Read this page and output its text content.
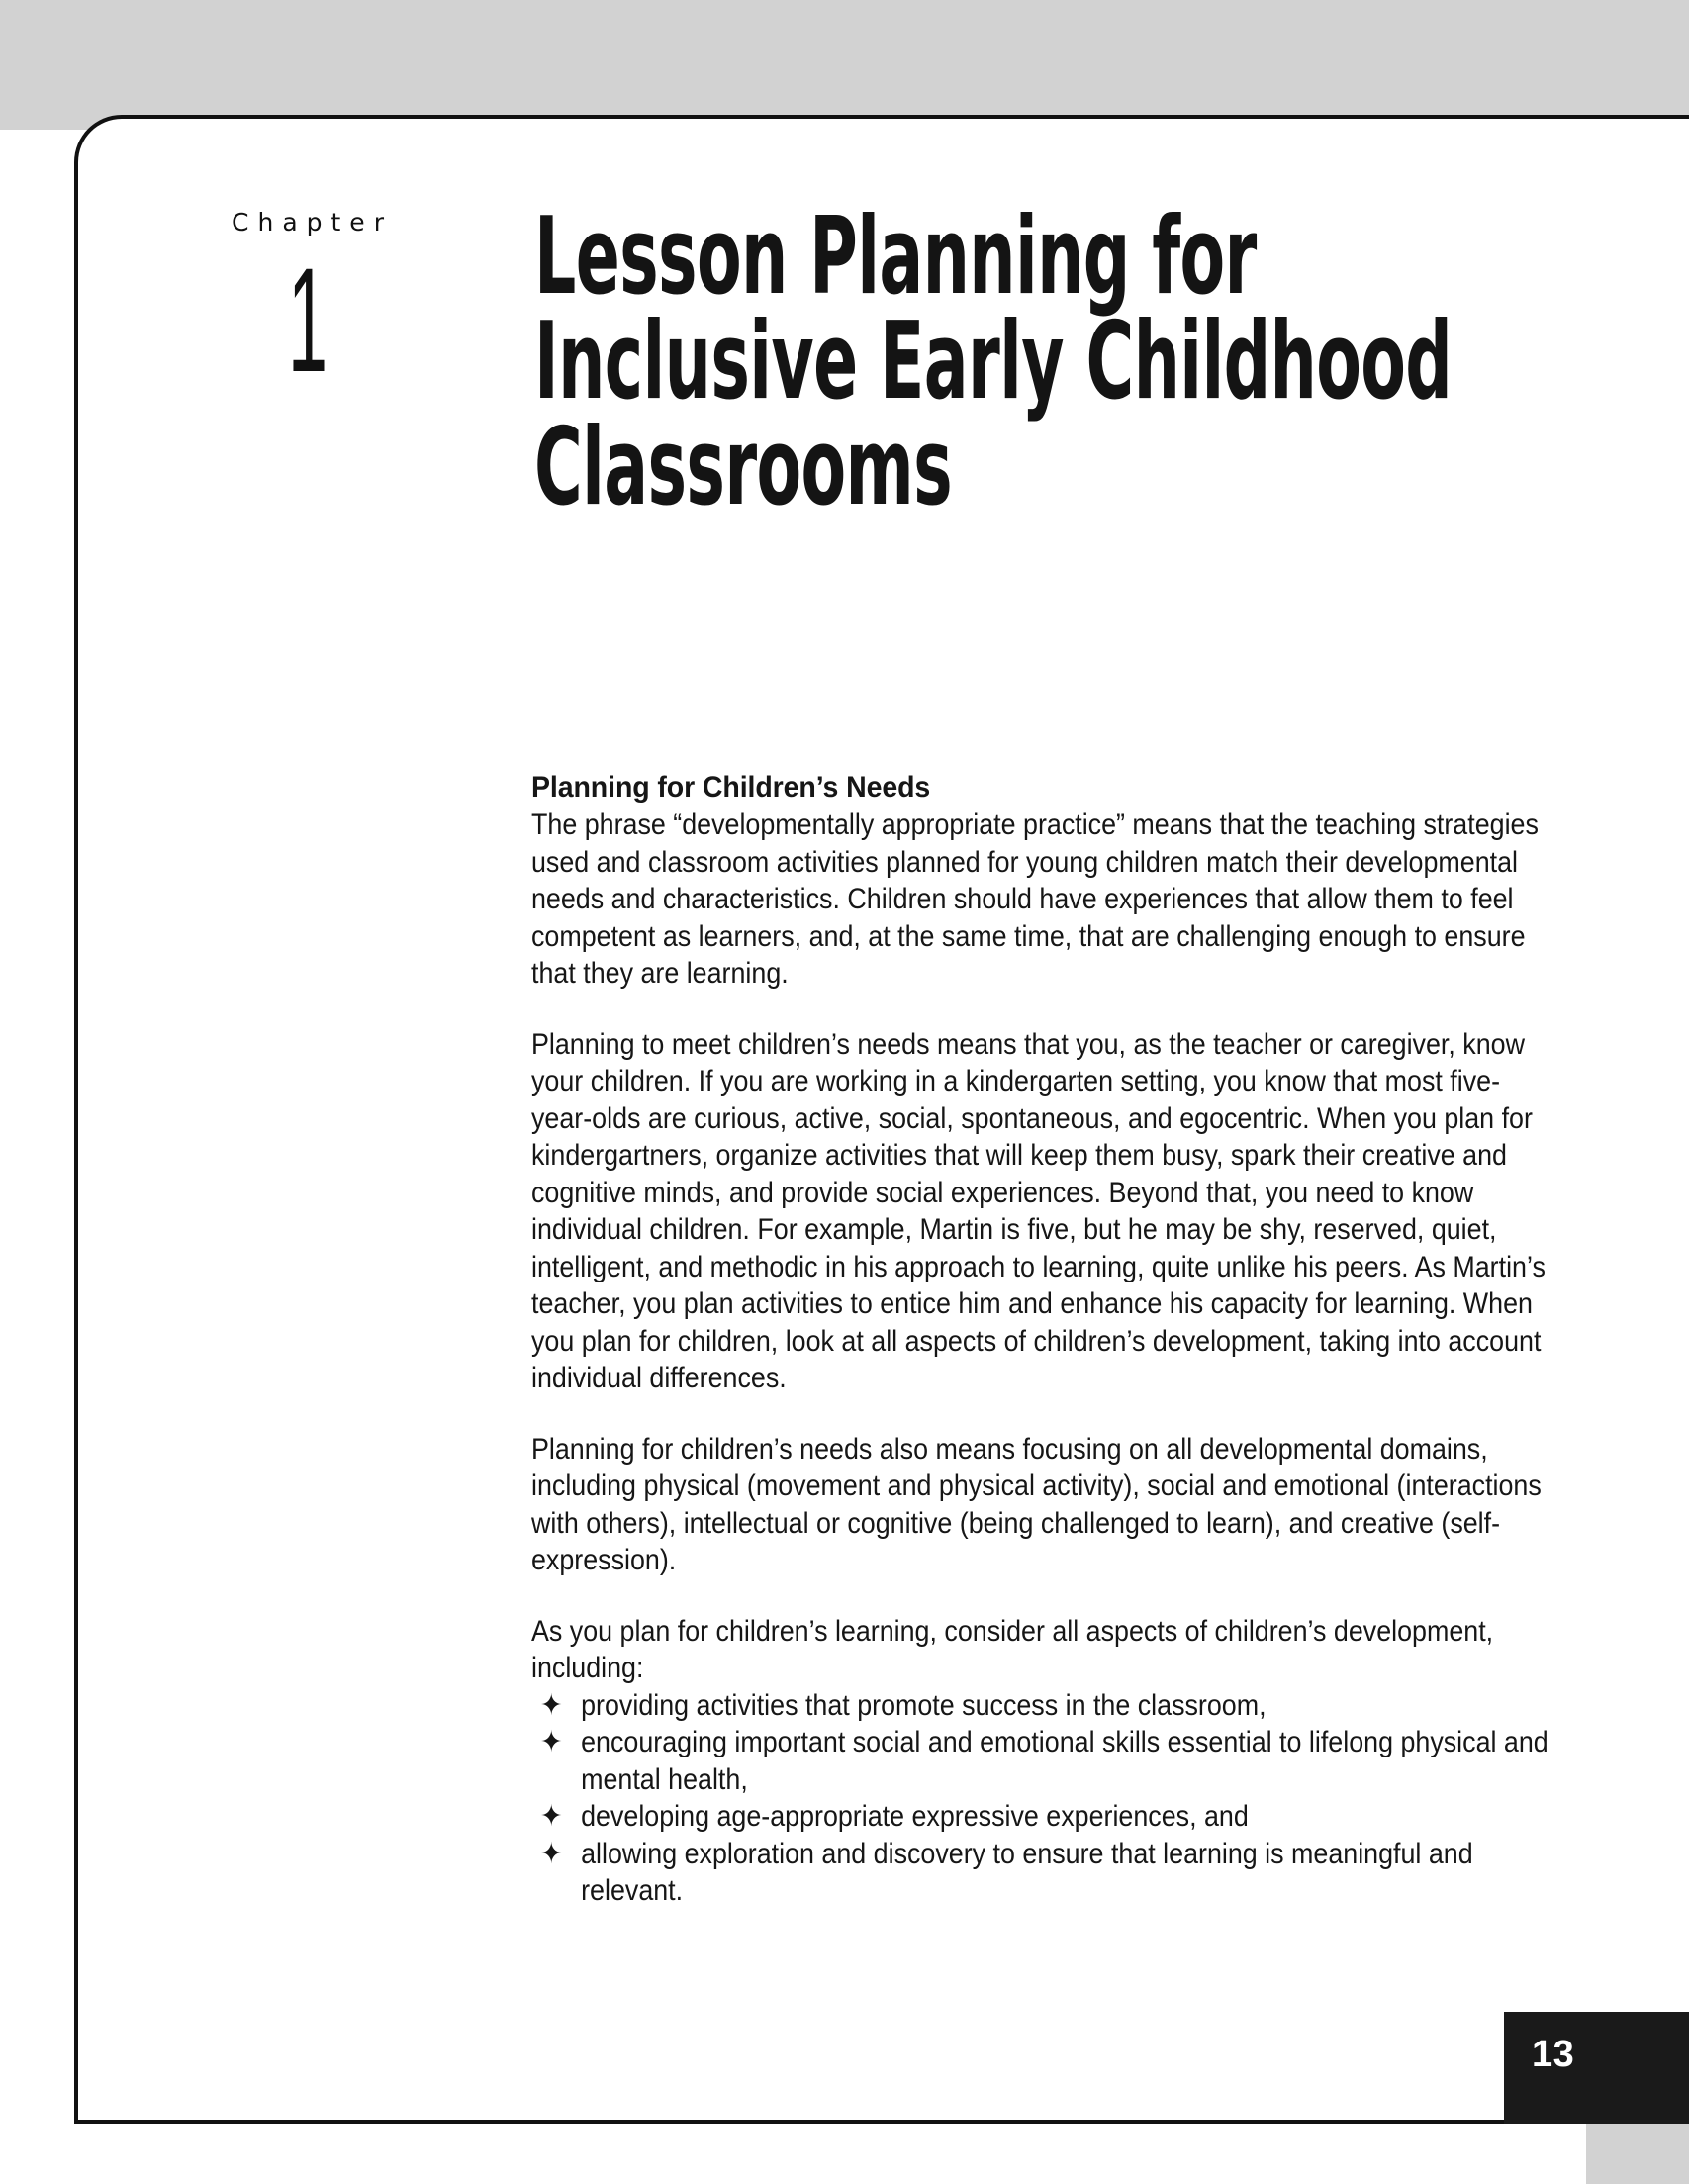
Chapter
1	Lesson Planning for
Inclusive Early Childhood
Classrooms
Planning for Children’s Needs

The phrase “developmentally appropriate practice” means that the teaching strategies used and classroom activities planned for young children match their developmental needs and characteristics. Children should have experiences that allow them to feel competent as learners, and, at the same time, that are challenging enough to ensure that they are learning.

Planning to meet children’s needs means that you, as the teacher or caregiver, know your children. If you are working in a kindergarten setting, you know that most five-year-olds are curious, active, social, spontaneous, and egocentric. When you plan for kindergartners, organize activities that will keep them busy, spark their creative and cognitive minds, and provide social experiences. Beyond that, you need to know individual children. For example, Martin is five, but he may be shy, reserved, quiet, intelligent, and methodic in his approach to learning, quite unlike his peers. As Martin’s teacher, you plan activities to entice him and enhance his capacity for learning. When you plan for children, look at all aspects of children’s development, taking into account individual differences.

Planning for children’s needs also means focusing on all developmental domains, including physical (movement and physical activity), social and emotional (interactions with others), intellectual or cognitive (being challenged to learn), and creative (self-expression).

As you plan for children’s learning, consider all aspects of children’s development, including:

✦ providing activities that promote success in the classroom,
✦ encouraging important social and emotional skills essential to lifelong physical and mental health,
✦ developing age-appropriate expressive experiences, and
✦ allowing exploration and discovery to ensure that learning is meaningful and relevant.
13
